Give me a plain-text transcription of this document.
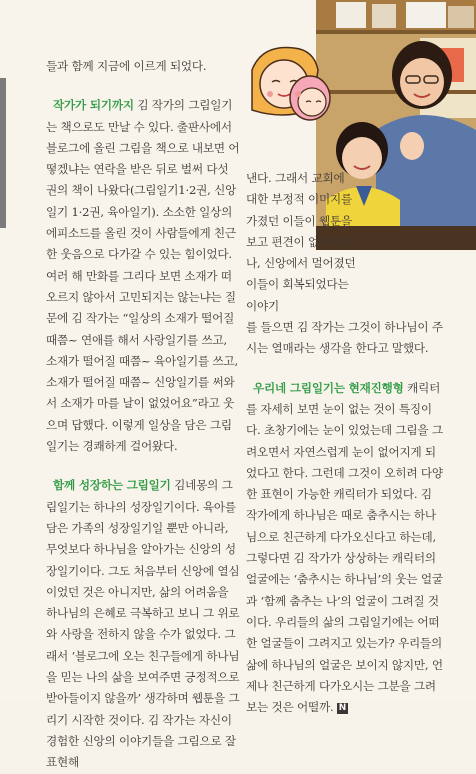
들과 함께 지금에 이르게 되었다.

작가가 되기까지 김 작가의 그림일기는 책으로도 만날 수 있다. 출판사에서 블로그에 올린 그림을 책으로 내보면 어떻겠냐는 연락을 받은 뒤로 벌써 다섯 권의 책이 나왔다(그림일기1·2권, 신앙일기 1·2권, 육아일기). 소소한 일상의 에피소드를 올린 것이 사람들에게 친근한 웃음으로 다가갈 수 있는 힘이었다. 여러 해 만화를 그리다 보면 소재가 떠오르지 않아서 고민되지는 않는냐는 질문에 김 작가는 “일상의 소재가 떨어질 때쯤~ 연애를 해서 사랑일기를 쓰고, 소재가 떨어질 때쯤~ 육아일기를 쓰고, 소재가 떨어질 때쯤~ 신앙일기를 써와서 소재가 마를 날이 없었어요”라고 웃으며 답했다. 이렇게 일상을 담은 그림일기는 경쾌하게 걸어왔다.

함께 성장하는 그림일기 김네몽의 그림일기는 하나의 성장일기이다. 육아를 담은 가족의 성장일기일 뿐만 아니라, 무엇보다 하나님을 알아가는 신앙의 성장일기이다. 그도 처음부터 신앙에 열심이었던 것은 아니지만, 삶의 어려움을 하나님의 은혜로 극복하고 보니 그 위로와 사랑을 전하지 않을 수가 없었다. 그래서 ‘블로그에 오는 친구들에게 하나님을 믿는 나의 삶을 보여주면 긍정적으로 받아들이지 않을까’ 생각하며 웹툰을 그리기 시작한 것이다. 김 작가는 자신이 경험한 신앙의 이야기들을 그림으로 잘 표현해

낸다. 그래서 교회에 대한 부정적 이미지를 가졌던 이들이 웹툰을 보고 편견이 없어지거나, 신앙에서 멀어졌던 이들이 회복되었다는 이야기

를 들으면 김 작가는 그것이 하나님이 주시는 열매라는 생각을 한다고 말했다.

우리네 그림일기는 현재진행형 캐릭터를 자세히 보면 눈이 없는 것이 특징이다. 초창기에는 눈이 있었는데 그림을 그려오면서 자연스럽게 눈이 없어지게 되었다고 한다. 그런데 그것이 오히려 다양한 표현이 가능한 캐릭터가 되었다. 김 작가에게 하나님은 때로 춤추시는 하나님으로 친근하게 다가오신다고 하는데, 그렇다면 김 작가가 상상하는 캐릭터의 얼굴에는 ‘춤추시는 하나님’의 웃는 얼굴과 ‘함께 춤추는 나’의 얼굴이 그려질 것이다. 우리들의 삶의 그림일기에는 어떠한 얼굴들이 그려지고 있는가? 우리들의 삶에 하나님의 얼굴은 보이지 않지만, 언제나 친근하게 다가오시는 그분을 그려보는 것은 어떨까. N
